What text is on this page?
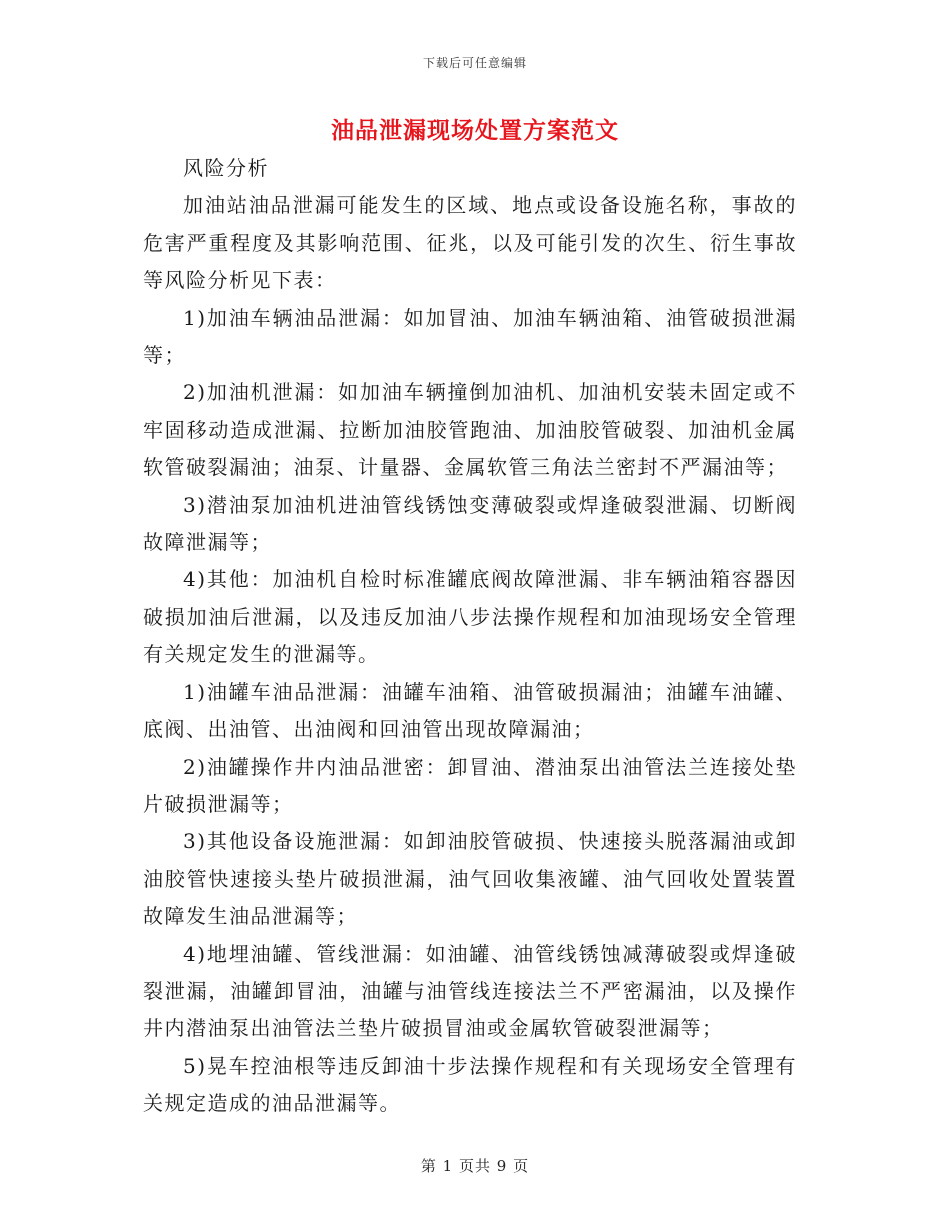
下载后可任意编辑
油品泄漏现场处置方案范文

风险分析

加油站油品泄漏可能发生的区域、地点或设备设施名称，事故的危害严重程度及其影响范围、征兆，以及可能引发的次生、衍生事故等风险分析见下表：

1)加油车辆油品泄漏：如加冒油、加油车辆油箱、油管破损泄漏等；

2)加油机泄漏：如加油车辆撞倒加油机、加油机安装未固定或不牢固移动造成泄漏、拉断加油胶管跑油、加油胶管破裂、加油机金属软管破裂漏油；油泵、计量器、金属软管三角法兰密封不严漏油等；

3)潜油泵加油机进油管线锈蚀变薄破裂或焊逢破裂泄漏、切断阀故障泄漏等；

4)其他：加油机自检时标准罐底阀故障泄漏、非车辆油箱容器因破损加油后泄漏，以及违反加油八步法操作规程和加油现场安全管理有关规定发生的泄漏等。

1)油罐车油品泄漏：油罐车油箱、油管破损漏油；油罐车油罐、底阀、出油管、出油阀和回油管出现故障漏油；

2)油罐操作井内油品泄密：卸冒油、潜油泵出油管法兰连接处垫片破损泄漏等；

3)其他设备设施泄漏：如卸油胶管破损、快速接头脱落漏油或卸油胶管快速接头垫片破损泄漏，油气回收集液罐、油气回收处置装置故障发生油品泄漏等；

4)地埋油罐、管线泄漏：如油罐、油管线锈蚀减薄破裂或焊逢破裂泄漏，油罐卸冒油，油罐与油管线连接法兰不严密漏油，以及操作井内潜油泵出油管法兰垫片破损冒油或金属软管破裂泄漏等；

5)晃车控油根等违反卸油十步法操作规程和有关现场安全管理有关规定造成的油品泄漏等。

第 1 页共 9 页
